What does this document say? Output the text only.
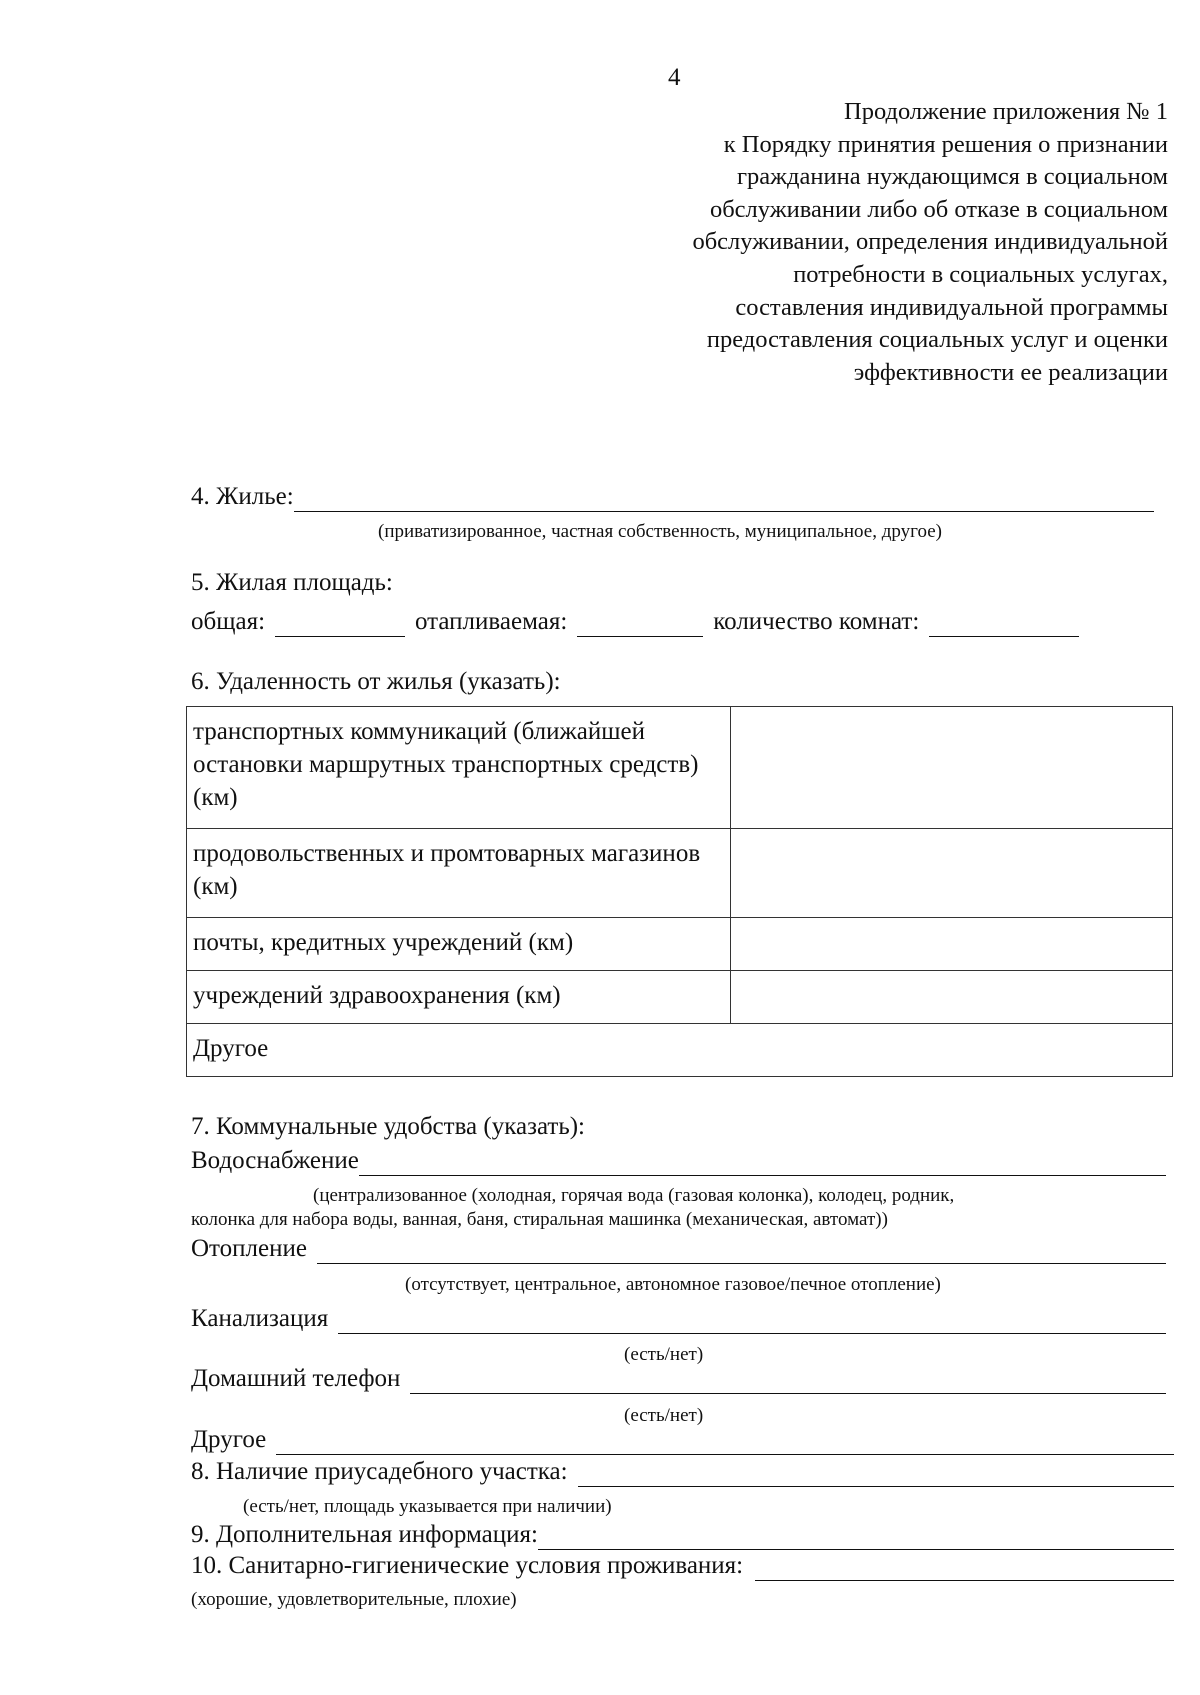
4
Продолжение приложения № 1
к Порядку принятия решения о признании
гражданина нуждающимся в социальном
обслуживании либо об отказе в социальном
обслуживании, определения индивидуальной
потребности в социальных услугах,
составления индивидуальной программы
предоставления социальных услуг и оценки
эффективности ее реализации
4. Жилье:
(приватизированное, частная собственность, муниципальное, другое)
5. Жилая площадь:
общая:	отапливаемая:	количество комнат:
6. Удаленность от жилья (указать):
транспортных коммуникаций (ближайшей остановки маршрутных транспортных средств) (км)	
продовольственных и промтоварных магазинов (км)	
почты, кредитных учреждений (км)	
учреждений здравоохранения (км)	
Другое	
7. Коммунальные удобства (указать):
Водоснабжение
(централизованное (холодная, горячая вода (газовая колонка), колодец, родник,
колонка для набора воды, ванная, баня, стиральная машинка (механическая, автомат))
Отопление
(отсутствует, центральное, автономное газовое/печное отопление)
Канализация
(есть/нет)
Домашний телефон
(есть/нет)
Другое
8. Наличие приусадебного участка:
(есть/нет, площадь указывается при наличии)
9. Дополнительная информация:
10. Санитарно-гигиенические условия проживания:
(хорошие, удовлетворительные, плохие)
